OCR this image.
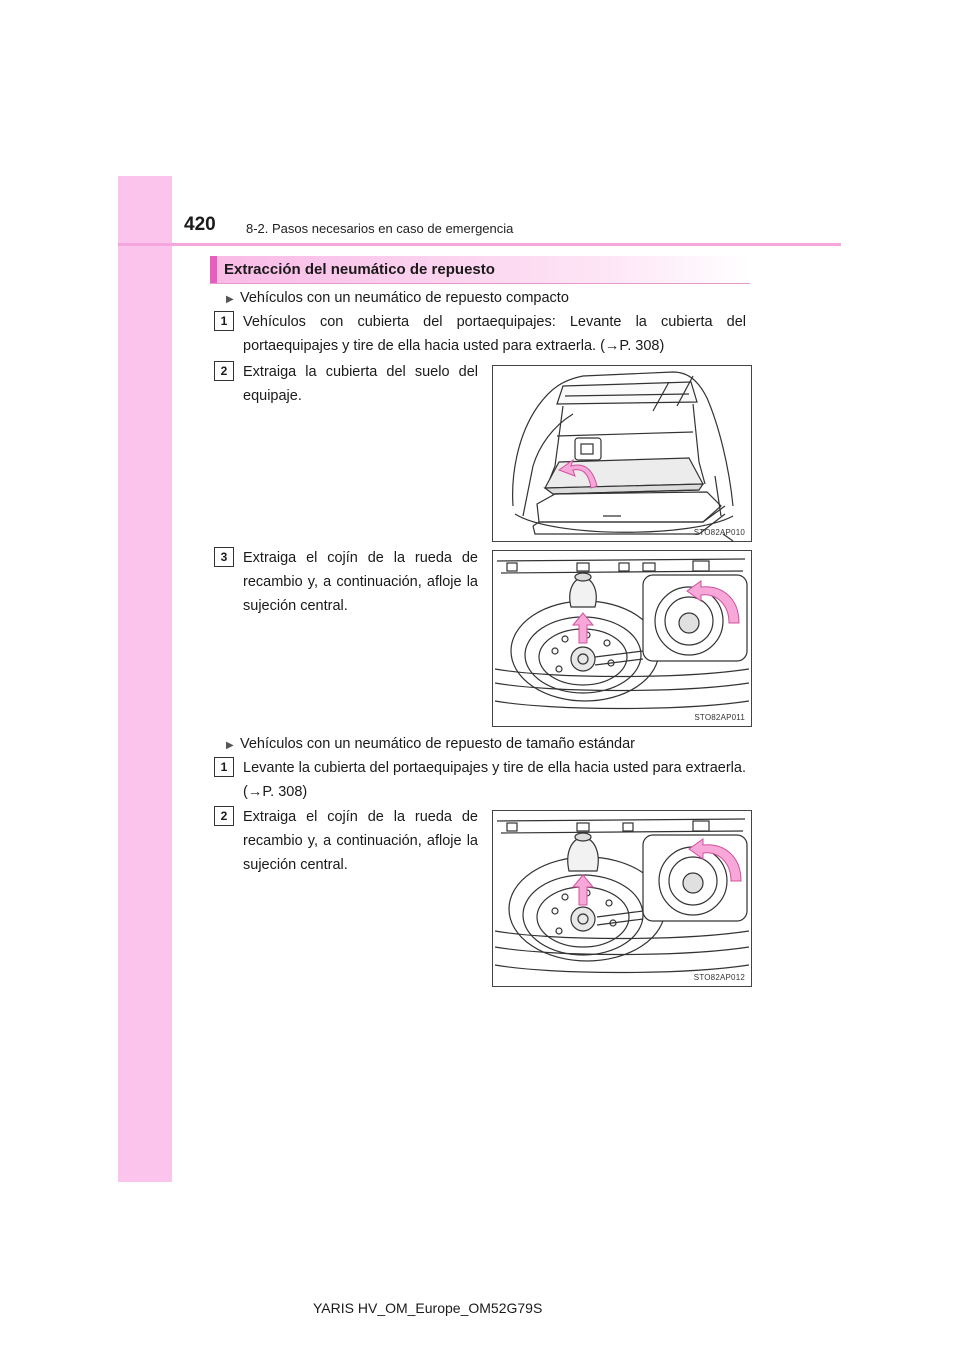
420 8-2. Pasos necesarios en caso de emergencia
Extracción del neumático de repuesto
▶ Vehículos con un neumático de repuesto compacto
1	Vehículos con cubierta del portaequipajes: Levante la cubierta del portaequipajes y tire de ella hacia usted para extraerla. (→P. 308)
2	Extraiga la cubierta del suelo del equipaje.
STO82AP010
3	Extraiga el cojín de la rueda de recambio y, a continuación, afloje la sujeción central.
STO82AP011
▶ Vehículos con un neumático de repuesto de tamaño estándar
1	Levante la cubierta del portaequipajes y tire de ella hacia usted para extraerla. (→P. 308)
2	Extraiga el cojín de la rueda de recambio y, a continuación, afloje la sujeción central.
STO82AP012
YARIS HV_OM_Europe_OM52G79S
